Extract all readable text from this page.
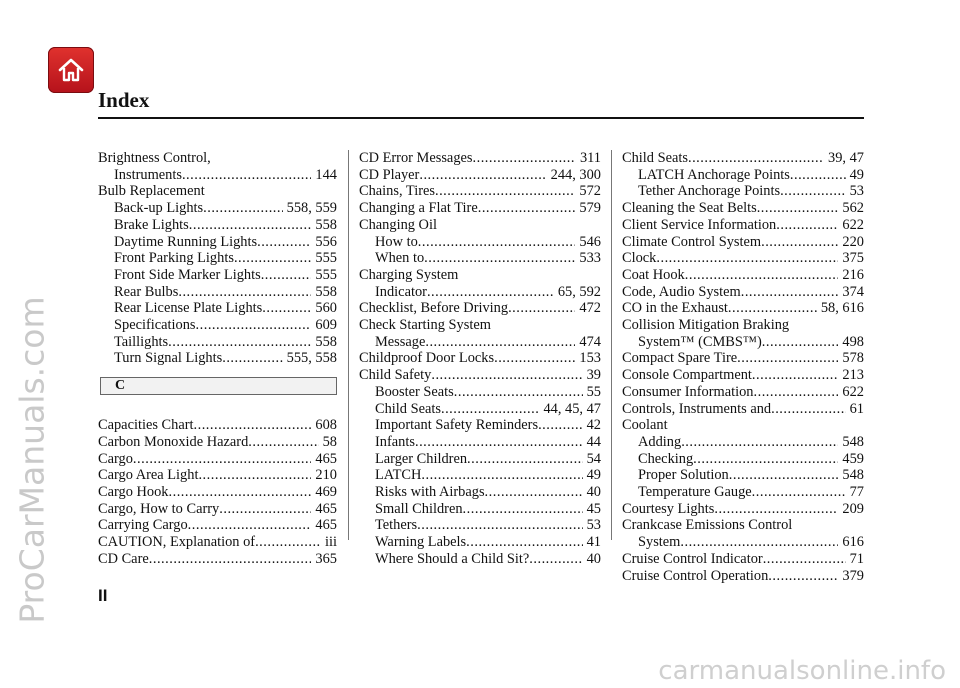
Index
ProCarManuals.com
Brightness Control,
Instruments .....	144
Bulb Replacement
Back-up Lights .....	558, 559
Brake Lights .....	558
Daytime Running Lights .....	556
Front Parking Lights .....	555
Front Side Marker Lights .....	555
Rear Bulbs .....	558
Rear License Plate Lights .....	560
Specifications .....	609
Taillights .....	558
Turn Signal Lights .....	555, 558
C
Capacities Chart .....	608
Carbon Monoxide Hazard .....	58
Cargo .....	465
Cargo Area Light .....	210
Cargo Hook .....	469
Cargo, How to Carry .....	465
Carrying Cargo .....	465
CAUTION, Explanation of .....	iii
CD Care .....	365
CD Error Messages .....	311
CD Player .....	244, 300
Chains, Tires .....	572
Changing a Flat Tire .....	579
Changing Oil
How to .....	546
When to .....	533
Charging System
Indicator .....	65, 592
Checklist, Before Driving .....	472
Check Starting System
Message .....	474
Childproof Door Locks .....	153
Child Safety .....	39
Booster Seats .....	55
Child Seats .....	44, 45, 47
Important Safety Reminders .....	42
Infants .....	44
Larger Children .....	54
LATCH .....	49
Risks with Airbags .....	40
Small Children .....	45
Tethers .....	53
Warning Labels .....	41
Where Should a Child Sit? .....	40
Child Seats .....	39, 47
LATCH Anchorage Points .....	49
Tether Anchorage Points .....	53
Cleaning the Seat Belts .....	562
Client Service Information .....	622
Climate Control System .....	220
Clock .....	375
Coat Hook .....	216
Code, Audio System .....	374
CO in the Exhaust .....	58, 616
Collision Mitigation Braking
System™ (CMBS™) .....	498
Compact Spare Tire .....	578
Console Compartment .....	213
Consumer Information .....	622
Controls, Instruments and .....	61
Coolant
Adding .....	548
Checking .....	459
Proper Solution .....	548
Temperature Gauge .....	77
Courtesy Lights .....	209
Crankcase Emissions Control
System .....	616
Cruise Control Indicator .....	71
Cruise Control Operation .....	379
II
carmanualsonline.info
